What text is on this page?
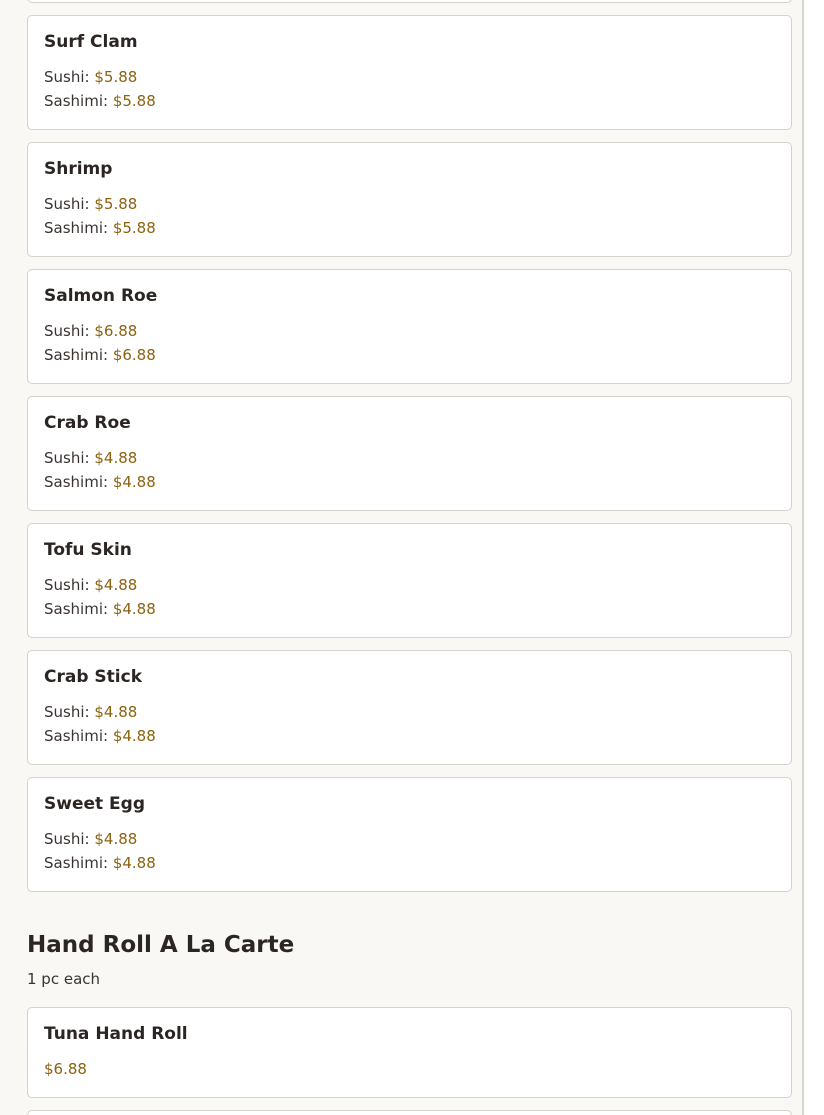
Surf Clam
Sushi: $5.88
Sashimi: $5.88
Shrimp
Sushi: $5.88
Sashimi: $5.88
Salmon Roe
Sushi: $6.88
Sashimi: $6.88
Crab Roe
Sushi: $4.88
Sashimi: $4.88
Tofu Skin
Sushi: $4.88
Sashimi: $4.88
Crab Stick
Sushi: $4.88
Sashimi: $4.88
Sweet Egg
Sushi: $4.88
Sashimi: $4.88
Hand Roll A La Carte
1 pc each
Tuna Hand Roll
$6.88
